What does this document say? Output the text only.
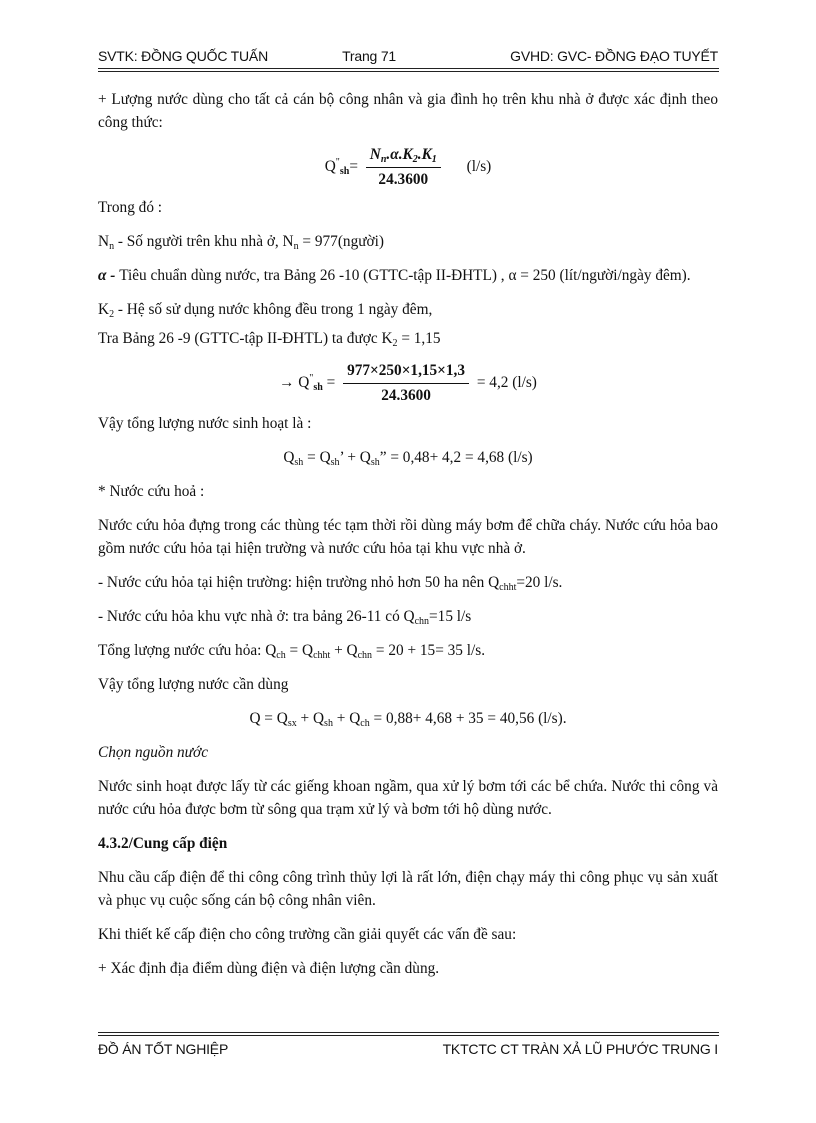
SVTK: ĐỒNG QUỐC TUẤN	Trang 71	GVHD: GVC- ĐỒNG ĐẠO TUYẾT

+ Lượng nước dùng cho tất cả cán bộ công nhân và gia đình họ trên khu nhà ở được xác định theo công thức:

$Q^"_{sh}= \frac{N_n.\alpha.K_2.K_1}{24.3600} (l/s)$

Trong đó :

$N_n$ - Số người trên khu nhà ở, $N_n$ = 977(người)

α - Tiêu chuẩn dùng nước, tra Bảng 26 -10 (GTTC-tập II-ĐHTL) , α = 250 (lít/người/ngày đêm).

$K_2$ - Hệ số sử dụng nước không đều trong 1 ngày đêm,

Tra Bảng 26 -9 (GTTC-tập II-ĐHTL) ta được $K_2 = 1,15$

→ $Q^"_{sh} = \frac{977\times 250\times 1,15\times 1,3}{24.3600} = 4,2$ (l/s)

Vậy tổng lượng nước sinh hoạt là :

$Q_{sh} = Q_{sh}$’ + $Q_{sh}$” = 0,48+ 4,2 = 4,68 (l/s)

* Nước cứu hoả :

Nước cứu hỏa đựng trong các thùng téc tạm thời rồi dùng máy bơm để chữa cháy. Nước cứu hỏa bao gồm nước cứu hỏa tại hiện trường và nước cứu hỏa tại khu vực nhà ở.

- Nước cứu hỏa tại hiện trường: hiện trường nhỏ hơn 50 ha nên $Q_{chht}=20$ l/s.

- Nước cứu hỏa khu vực nhà ở: tra bảng 26-11 có $Q_{chn}=15$ l/s

Tổng lượng nước cứu hỏa: $Q_{ch} = Q_{chht} + Q_{chn} = 20 + 15= 35$ l/s.

Vậy tổng lượng nước cần dùng

$Q = Q_{sx} + Q_{sh} + Q_{ch} = 0,88+ 4,68 + 35 = 40,56$ (l/s).

Chọn nguồn nước

Nước sinh hoạt được lấy từ các giếng khoan ngầm, qua xử lý bơm tới các bể chứa. Nước thi công và nước cứu hỏa được bơm từ sông qua trạm xử lý và bơm tới hộ dùng nước.

4.3.2/Cung cấp điện

Nhu cầu cấp điện để thi công công trình thủy lợi là rất lớn, điện chạy máy thi công phục vụ sản xuất và phục vụ cuộc sống cán bộ công nhân viên.

Khi thiết kế cấp điện cho công trường cần giải quyết các vấn đề sau:

+ Xác định địa điểm dùng điện và điện lượng cần dùng.

ĐỒ ÁN TỐT NGHIỆP	TKTCTC CT TRÀN XẢ LŨ PHƯỚC TRUNG I
